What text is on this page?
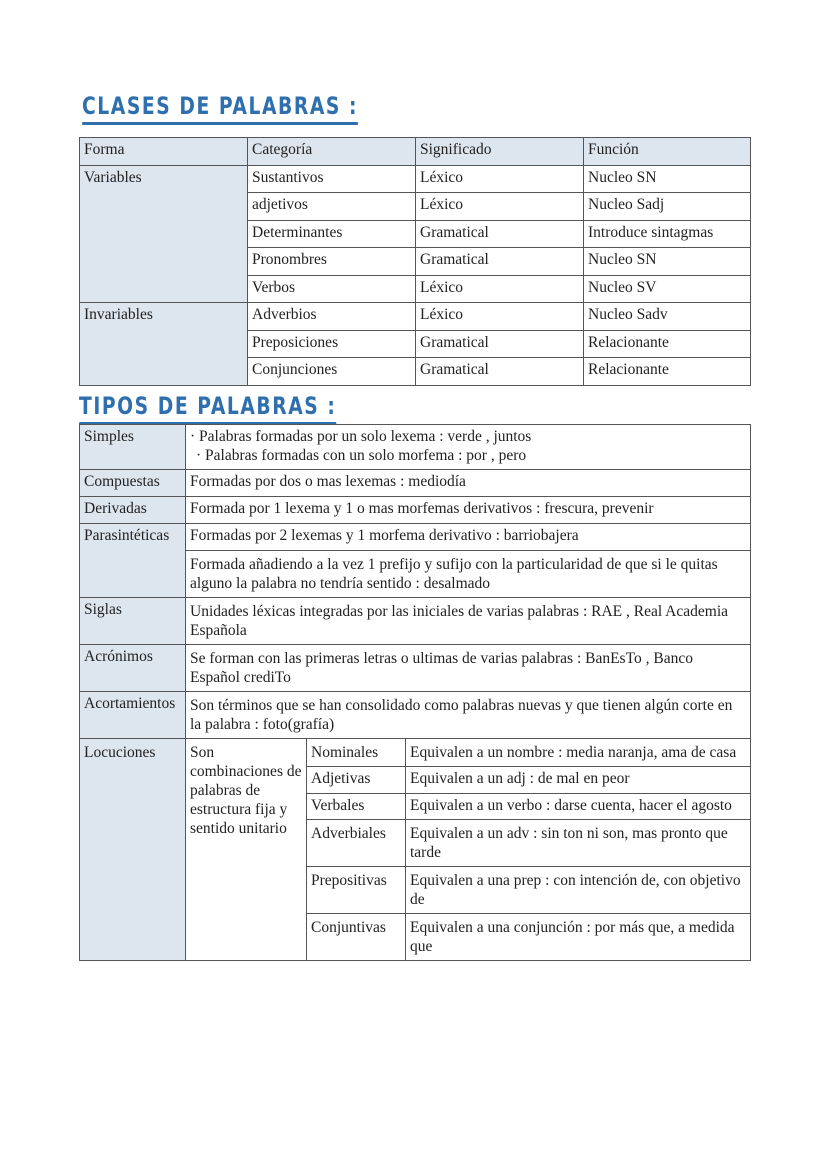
CLASES DE PALABRAS :
Forma	Categoría	Significado	Función
Variables	Sustantivos	Léxico	Nucleo SN
	adjetivos	Léxico	Nucleo Sadj
	Determinantes	Gramatical	Introduce sintagmas
	Pronombres	Gramatical	Nucleo SN
	Verbos	Léxico	Nucleo SV
Invariables	Adverbios	Léxico	Nucleo Sadv
	Preposiciones	Gramatical	Relacionante
	Conjunciones	Gramatical	Relacionante
TIPOS DE PALABRAS :
Simples	· Palabras formadas por un solo lexema : verde , juntos
· Palabras formadas con un solo morfema : por , pero		

Compuestas	Formadas por dos o mas lexemas : mediodía		
Derivadas	Formada por 1 lexema y 1 o mas morfemas derivativos : frescura, prevenir		
Parasintéticas	Formadas por 2 lexemas y 1 morfema derivativo : barriobajera		
	Formada añadiendo a la vez 1 prefijo y sufijo con la particularidad de que si le quitas alguno la palabra no tendría sentido : desalmado		
Siglas	Unidades léxicas integradas por las iniciales de varias palabras : RAE , Real Academia Española		
Acrónimos	Se forman con las primeras letras o ultimas de varias palabras : BanEsTo , Banco Español crediTo		
Acortamientos	Son términos que se han consolidado como palabras nuevas y que tienen algún corte en la palabra : foto(grafía)		
Locuciones	Son combinaciones de palabras de estructura fija y sentido unitario	Nominales	Equivalen a un nombre : media naranja, ama de casa
		Adjetivas	Equivalen a un adj : de mal en peor
		Verbales	Equivalen a un verbo : darse cuenta, hacer el agosto
		Adverbiales	Equivalen a un adv : sin ton ni son, mas pronto que tarde
		Prepositivas	Equivalen a una prep : con intención de, con objetivo de
		Conjuntivas	Equivalen a una conjunción : por más que, a medida que
